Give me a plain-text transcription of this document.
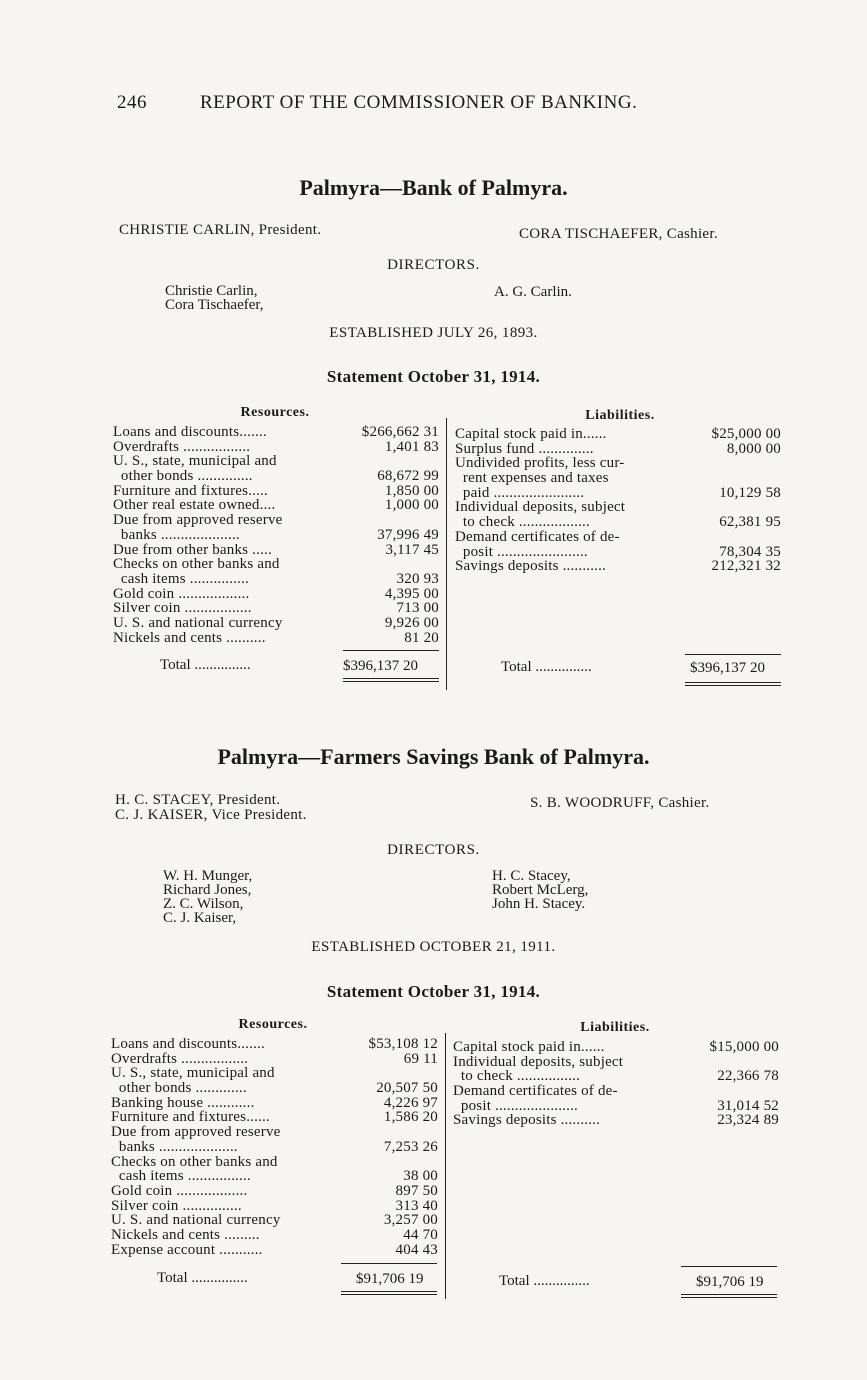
246	REPORT OF THE COMMISSIONER OF BANKING.
Palmyra—Bank of Palmyra.
CHRISTIE CARLIN, President.	CORA TISCHAEFER, Cashier.
DIRECTORS.
Christie Carlin,
Cora Tischaefer,
A. G. Carlin.
ESTABLISHED JULY 26, 1893.
Statement October 31, 1914.
Resources.	Liabilities.
Loans and discounts.......	$266,662 31
Overdrafts .................	1,401 83
U. S., state, municipal and
other bonds ..............	68,672 99
Furniture and fixtures.....	1,850 00
Other real estate owned....	1,000 00
Due from approved reserve
banks ....................	37,996 49
Due from other banks .....	3,117 45
Checks on other banks and
cash items ...............	320 93
Gold coin ..................	4,395 00
Silver coin .................	713 00
U. S. and national currency	9,926 00
Nickels and cents ..........	81 20
Capital stock paid in......	$25,000 00
Surplus fund ..............	8,000 00
Undivided profits, less cur-
rent expenses and taxes
paid .......................	10,129 58
Individual deposits, subject
to check ..................	62,381 95
Demand certificates of de-
posit .......................	78,304 35
Savings deposits ...........	212,321 32
Total ...............	$396,137 20	Total ...............	$396,137 20
Palmyra—Farmers Savings Bank of Palmyra.
H. C. STACEY, President.
C. J. KAISER, Vice President.
S. B. WOODRUFF, Cashier.
DIRECTORS.
W. H. Munger,
Richard Jones,
Z. C. Wilson,
C. J. Kaiser,
H. C. Stacey,
Robert McLerg,
John H. Stacey.
ESTABLISHED OCTOBER 21, 1911.
Statement October 31, 1914.
Resources.	Liabilities.
Loans and discounts.......	$53,108 12
Overdrafts .................	69 11
U. S., state, municipal and
other bonds .............	20,507 50
Banking house ............	4,226 97
Furniture and fixtures......	1,586 20
Due from approved reserve
banks ....................	7,253 26
Checks on other banks and
cash items ................	38 00
Gold coin ..................	897 50
Silver coin ...............	313 40
U. S. and national currency	3,257 00
Nickels and cents .........	44 70
Expense account ...........	404 43
Capital stock paid in......	$15,000 00
Individual deposits, subject
to check ................	22,366 78
Demand certificates of de-
posit .....................	31,014 52
Savings deposits ..........	23,324 89
Total ...............	$91,706 19	Total ...............	$91,706 19
